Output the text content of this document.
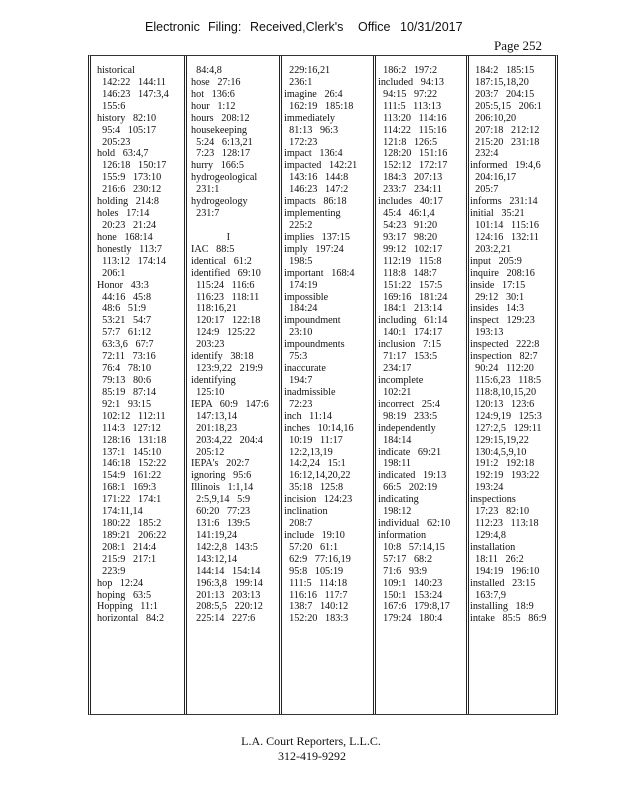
Electronic Filing: Received,Clerk's Office 10/31/2017
Page 252
historical
142:22   144:11
146:23   147:3,4
155:6
history   82:10
95:4   105:17
205:23
hold   63:4,7
126:18   150:17
155:9   173:10
216:6   230:12
holding   214:8
holes   17:14
20:23   21:24
hone   168:14
honestly   113:7
113:12   174:14
206:1
Honor   43:3
44:16   45:8
48:6   51:9
53:21   54:7
57:7   61:12
63:3,6   67:7
72:11   73:16
76:4   78:10
79:13   80:6
85:19   87:14
92:1   93:15
102:12   112:11
114:3   127:12
128:16   131:18
137:1   145:10
146:18   152:22
154:9   161:22
168:1   169:3
171:22   174:1
174:11,14
180:22   185:2
189:21   206:22
208:1   214:4
215:9   217:1
223:9
hop   12:24
hoping   63:5
Hopping   11:1
horizontal   84:2
84:4,8
hose   27:16
hot   136:6
hour   1:12
hours   208:12
housekeeping
5:24   6:13,21
7:23   128:17
hurry   166:5
hydrogeological
231:1
hydrogeology
231:7
I
IAC   88:5
identical   61:2
identified   69:10
115:24   116:6
116:23   118:11
118:16,21
120:17   122:18
124:9   125:22
203:23
identify   38:18
123:9,22   219:9
identifying
125:10
IEPA   60:9   147:6
147:13,14
201:18,23
203:4,22   204:4
205:12
IEPA's   202:7
ignoring   95:6
Illinois   1:1,14
2:5,9,14   5:9
60:20   77:23
131:6   139:5
141:19,24
142:2,8   143:5
143:12,14
144:14   154:14
196:3,8   199:14
201:13   203:13
208:5,5   220:12
225:14   227:6
229:16,21
236:1
imagine   26:4
162:19   185:18
immediately
81:13   96:3
172:23
impact   136:4
impacted   142:21
143:16   144:8
146:23   147:2
impacts   86:18
implementing
225:2
implies   137:15
imply   197:24
198:5
important   168:4
174:19
impossible
184:24
impoundment
23:10
impoundments
75:3
inaccurate
194:7
inadmissible
72:23
inch   11:14
inches   10:14,16
10:19   11:17
12:2,13,19
14:2,24   15:1
16:12,14,20,22
35:18   125:8
incision   124:23
inclination
208:7
include   19:10
57:20   61:1
62:9   77:16,19
95:8   105:19
111:5   114:18
116:16   117:7
138:7   140:12
152:20   183:3
186:2   197:2
included   94:13
94:15   97:22
111:5   113:13
113:20   114:16
114:22   115:16
121:8   126:5
128:20   151:16
152:12   172:17
184:3   207:13
233:7   234:11
includes   40:17
45:4   46:1,4
54:23   91:20
93:17   98:20
99:12   102:17
112:19   115:8
118:8   148:7
151:22   157:5
169:16   181:24
184:1   213:14
including   61:14
140:1   174:17
inclusion   7:15
71:17   153:5
234:17
incomplete
102:21
incorrect   25:4
98:19   233:5
independently
184:14
indicate   69:21
198:11
indicated   19:13
66:5   202:19
indicating
198:12
individual   62:10
information
10:8   57:14,15
57:17   68:2
71:6   93:9
109:1   140:23
150:1   153:24
167:6   179:8,17
179:24   180:4
184:2   185:15
187:15,18,20
203:7   204:15
205:5,15   206:1
206:10,20
207:18   212:12
215:20   231:18
232:4
informed   19:4,6
204:16,17
205:7
informs   231:14
initial   35:21
101:14   115:16
124:16   132:11
203:2,21
input   205:9
inquire   208:16
inside   17:15
29:12   30:1
insides   14:3
inspect   129:23
193:13
inspected   222:8
inspection   82:7
90:24   112:20
115:6,23   118:5
118:8,10,15,20
120:13   123:6
124:9,19   125:3
127:2,5   129:11
129:15,19,22
130:4,5,9,10
191:2   192:18
192:19   193:22
193:24
inspections
17:23   82:10
112:23   113:18
129:4,8
installation
18:11   26:2
194:19   196:10
installed   23:15
163:7,9
installing   18:9
intake   85:5   86:9
L.A. Court Reporters, L.L.C.
312-419-9292
